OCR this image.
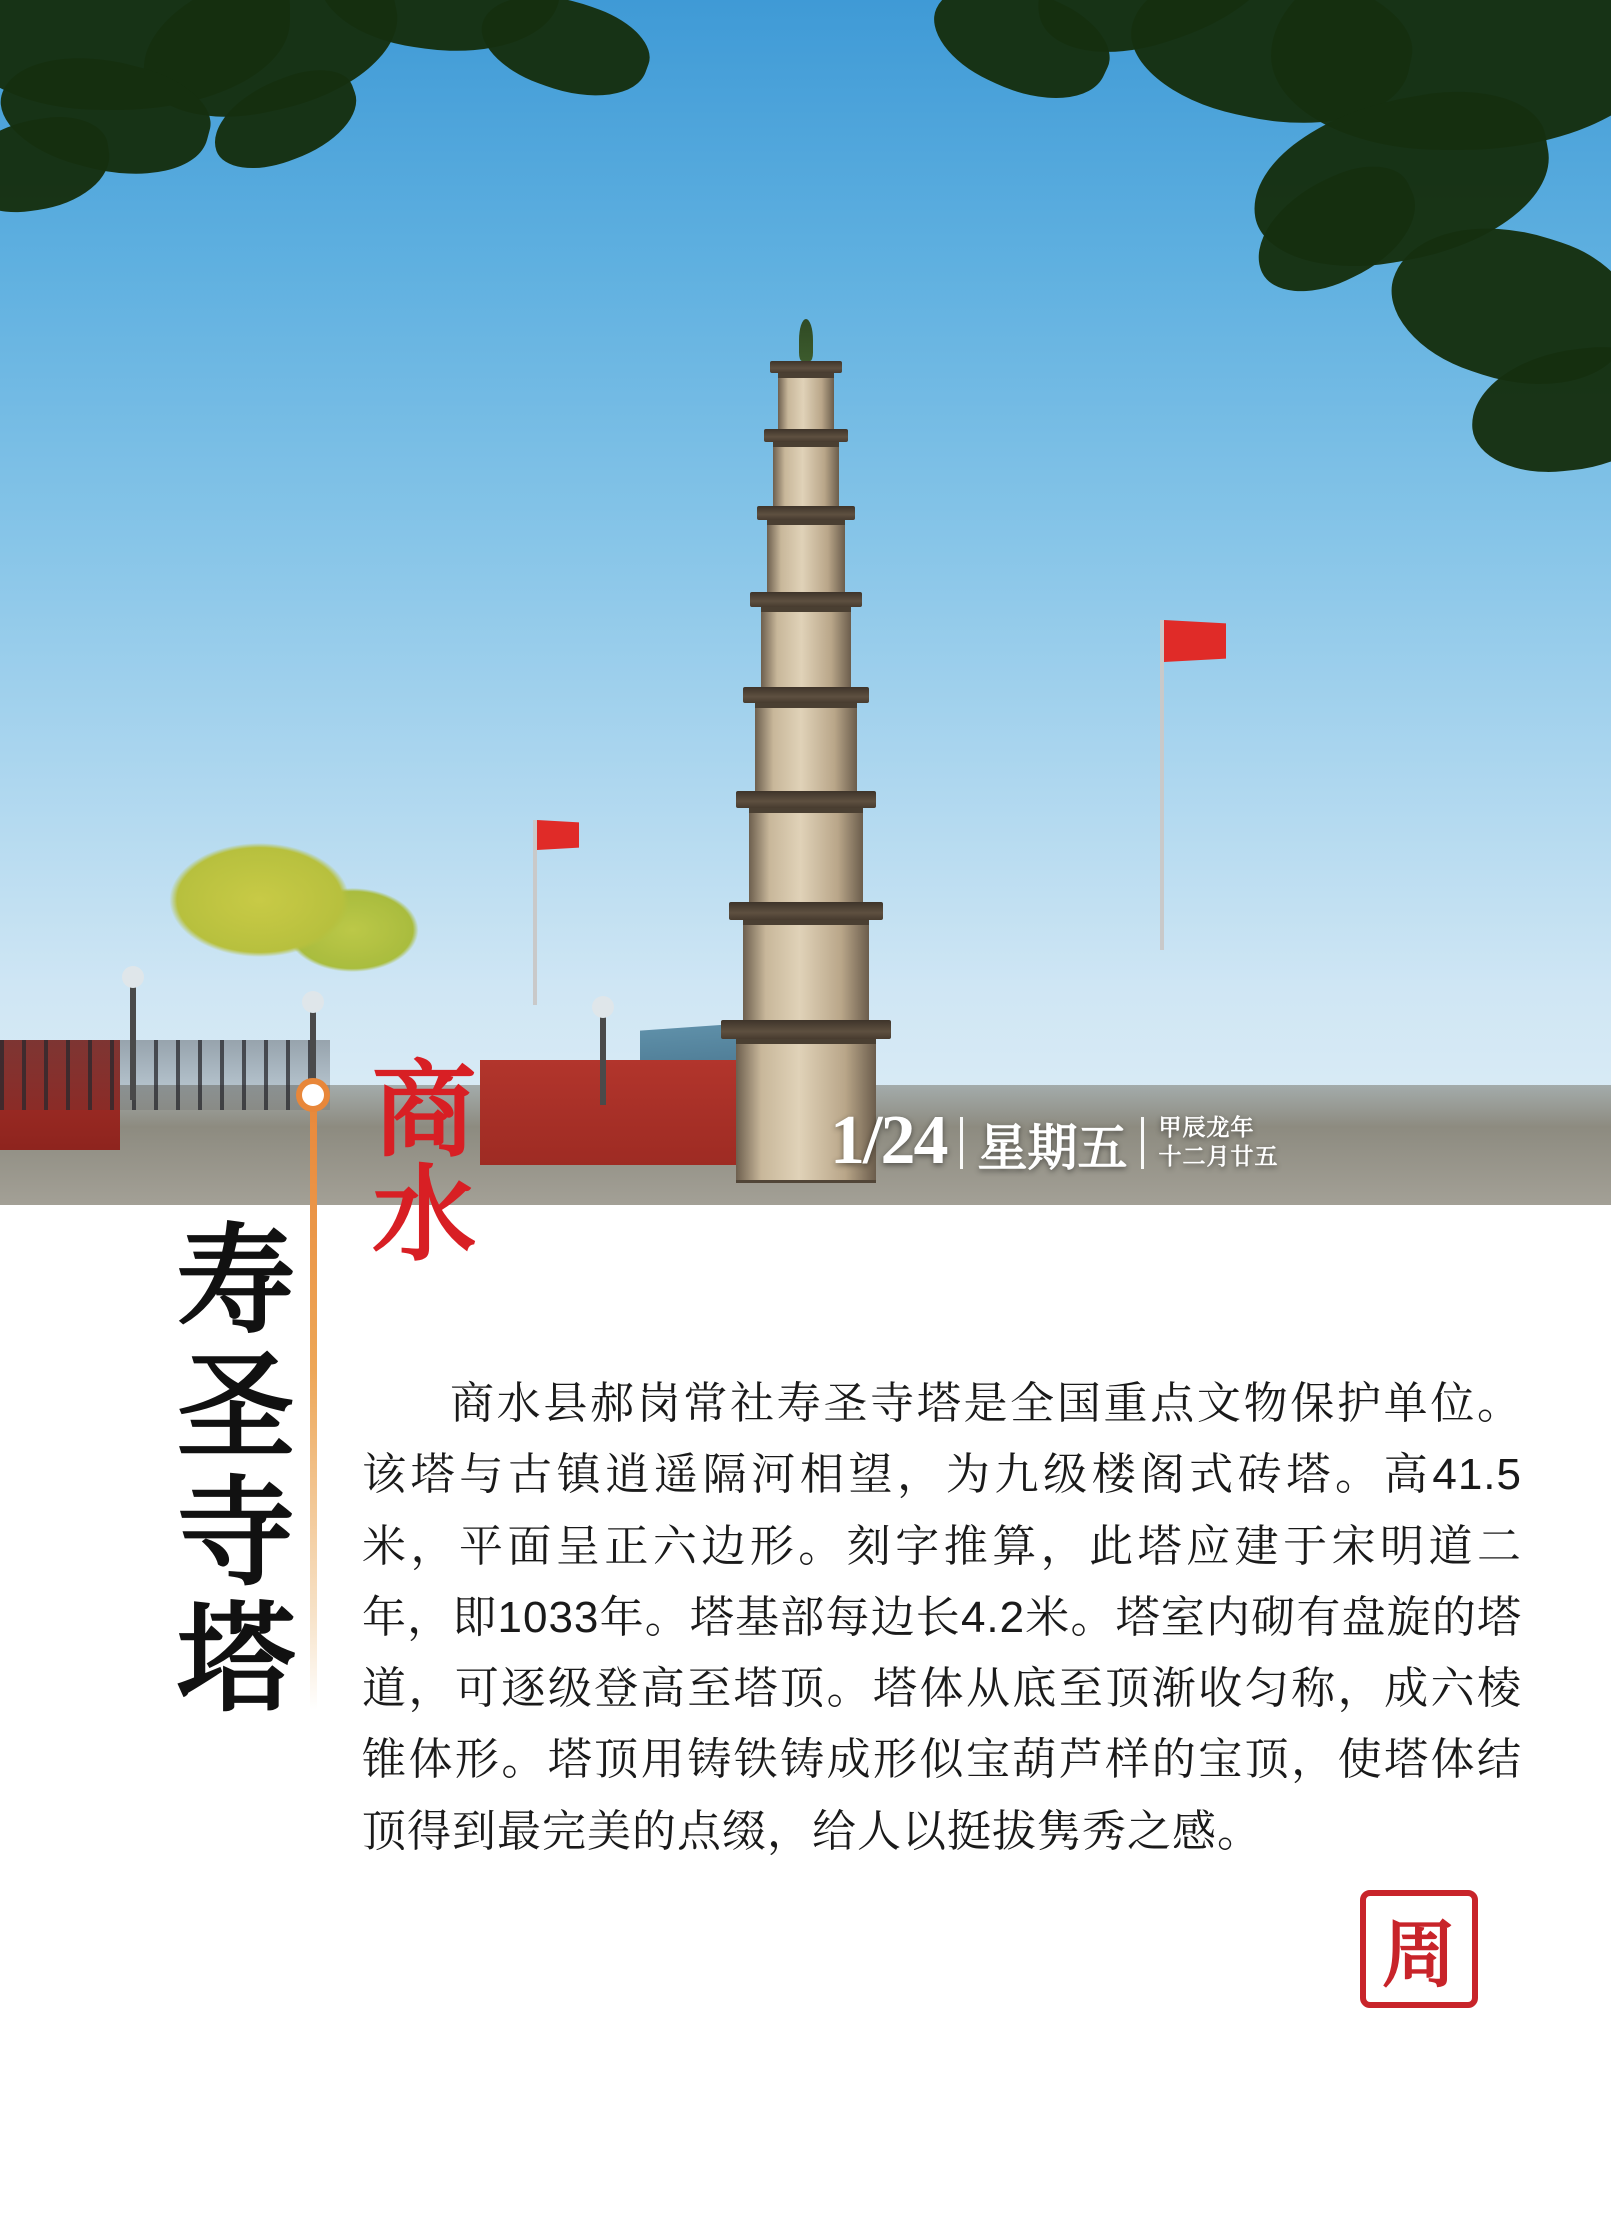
1/24 星期五 甲辰龙年
十二月廿五
商水
寿圣寺塔	商水县郝岗常社寿圣寺塔是全国重点文物保护单位。该塔与古镇逍遥隔河相望，为九级楼阁式砖塔。高41.5米，平面呈正六边形。刻字推算，此塔应建于宋明道二年，即1033年。塔基部每边长4.2米。塔室内砌有盘旋的塔道，可逐级登高至塔顶。塔体从底至顶渐收匀称，成六棱锥体形。塔顶用铸铁铸成形似宝葫芦样的宝顶，使塔体结顶得到最完美的点缀，给人以挺拔隽秀之感。
周
